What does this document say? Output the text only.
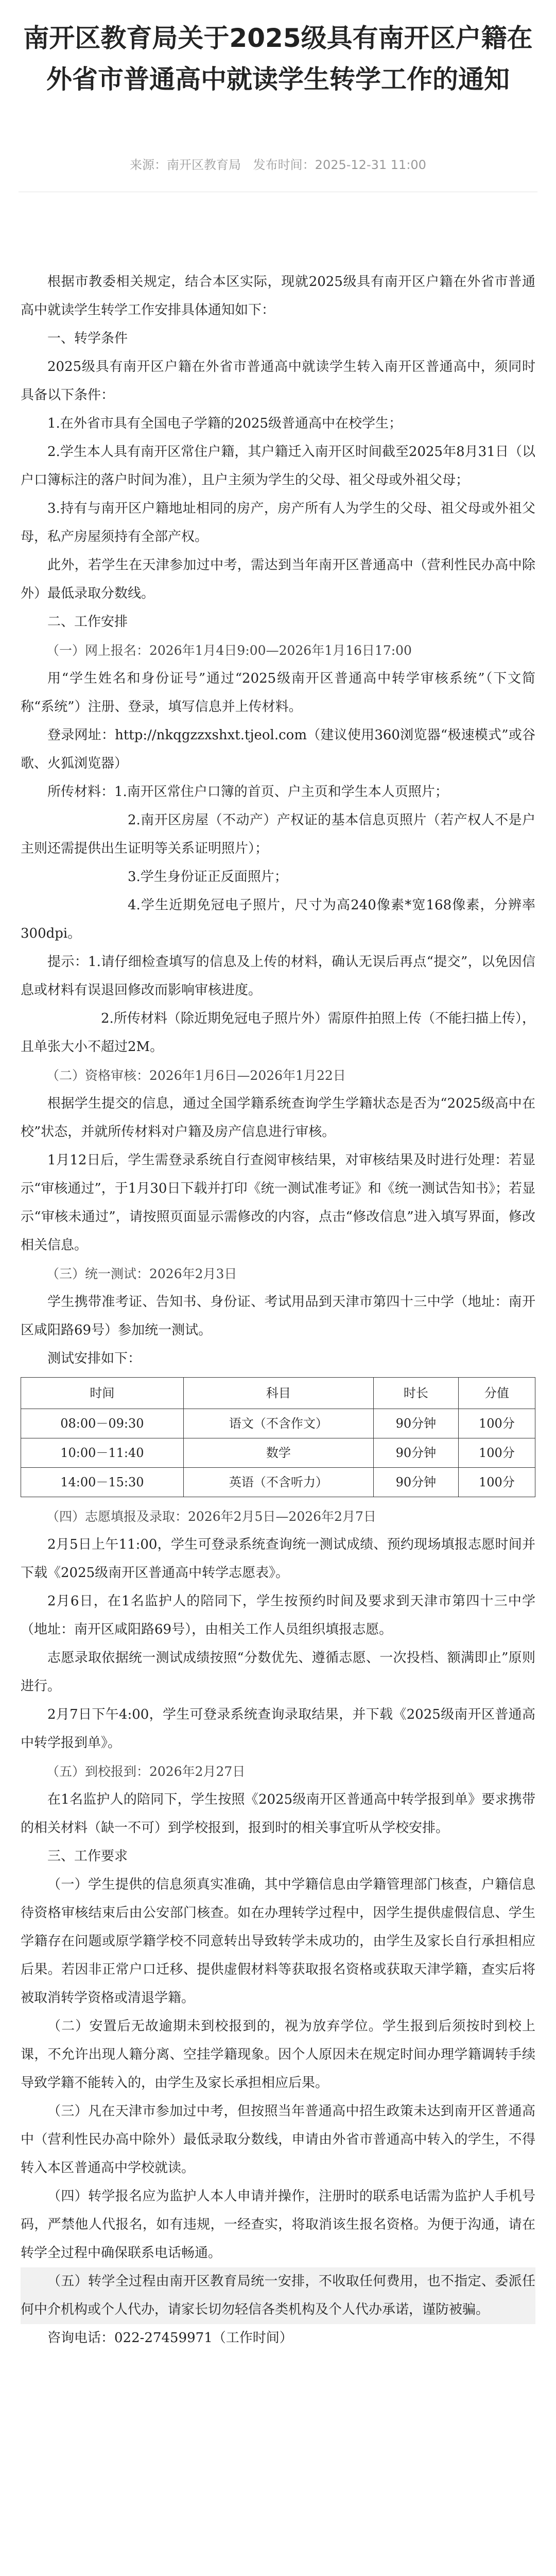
南开区教育局关于2025级具有南开区户籍在外省市普通高中就读学生转学工作的通知
来源：南开区教育局 发布时间：2025-12-31 11:00

根据市教委相关规定，结合本区实际，现就2025级具有南开区户籍在外省市普通高中就读学生转学工作安排具体通知如下：

一、转学条件

2025级具有南开区户籍在外省市普通高中就读学生转入南开区普通高中，须同时具备以下条件：

1.在外省市具有全国电子学籍的2025级普通高中在校学生；

2.学生本人具有南开区常住户籍，其户籍迁入南开区时间截至2025年8月31日（以户口簿标注的落户时间为准），且户主须为学生的父母、祖父母或外祖父母；

3.持有与南开区户籍地址相同的房产，房产所有人为学生的父母、祖父母或外祖父母，私产房屋须持有全部产权。

此外，若学生在天津参加过中考，需达到当年南开区普通高中（营利性民办高中除外）最低录取分数线。

二、工作安排

（一）网上报名：2026年1月4日9:00—2026年1月16日17:00

用“学生姓名和身份证号”通过“2025级南开区普通高中转学审核系统”（下文简称“系统”）注册、登录，填写信息并上传材料。

登录网址：http://nkqgzzxshxt.tjeol.com（建议使用360浏览器“极速模式”或谷歌、火狐浏览器）

所传材料：1.南开区常住户口簿的首页、户主页和学生本人页照片；

2.南开区房屋（不动产）产权证的基本信息页照片（若产权人不是户主则还需提供出生证明等关系证明照片）；

3.学生身份证正反面照片；

4.学生近期免冠电子照片，尺寸为高240像素*宽168像素，分辨率300dpi。

提示：1.请仔细检查填写的信息及上传的材料，确认无误后再点“提交”，以免因信息或材料有误退回修改而影响审核进度。

2.所传材料（除近期免冠电子照片外）需原件拍照上传（不能扫描上传），且单张大小不超过2M。

（二）资格审核：2026年1月6日—2026年1月22日

根据学生提交的信息，通过全国学籍系统查询学生学籍状态是否为“2025级高中在校”状态，并就所传材料对户籍及房产信息进行审核。

1月12日后，学生需登录系统自行查阅审核结果，对审核结果及时进行处理：若显示“审核通过”，于1月30日下载并打印《统一测试准考证》和《统一测试告知书》；若显示“审核未通过”，请按照页面显示需修改的内容，点击“修改信息”进入填写界面，修改相关信息。

（三）统一测试：2026年2月3日

学生携带准考证、告知书、身份证、考试用品到天津市第四十三中学（地址：南开区咸阳路69号）参加统一测试。

测试安排如下：

时间	科目	时长	分值
08:00－09:30	语文（不含作文）	90分钟	100分
10:00－11:40	数学	90分钟	100分
14:00－15:30	英语（不含听力）	90分钟	100分

（四）志愿填报及录取：2026年2月5日—2026年2月7日

2月5日上午11:00，学生可登录系统查询统一测试成绩、预约现场填报志愿时间并下载《2025级南开区普通高中转学志愿表》。

2月6日，在1名监护人的陪同下，学生按预约时间及要求到天津市第四十三中学（地址：南开区咸阳路69号），由相关工作人员组织填报志愿。

志愿录取依据统一测试成绩按照“分数优先、遵循志愿、一次投档、额满即止”原则进行。

2月7日下午4:00，学生可登录系统查询录取结果，并下载《2025级南开区普通高中转学报到单》。

（五）到校报到：2026年2月27日

在1名监护人的陪同下，学生按照《2025级南开区普通高中转学报到单》要求携带的相关材料（缺一不可）到学校报到，报到时的相关事宜听从学校安排。

三、工作要求

（一）学生提供的信息须真实准确，其中学籍信息由学籍管理部门核查，户籍信息待资格审核结束后由公安部门核查。如在办理转学过程中，因学生提供虚假信息、学生学籍存在问题或原学籍学校不同意转出导致转学未成功的，由学生及家长自行承担相应后果。若因非正常户口迁移、提供虚假材料等获取报名资格或获取天津学籍，查实后将被取消转学资格或清退学籍。

（二）安置后无故逾期未到校报到的，视为放弃学位。学生报到后须按时到校上课，不允许出现人籍分离、空挂学籍现象。因个人原因未在规定时间办理学籍调转手续导致学籍不能转入的，由学生及家长承担相应后果。

（三）凡在天津市参加过中考，但按照当年普通高中招生政策未达到南开区普通高中（营利性民办高中除外）最低录取分数线，申请由外省市普通高中转入的学生，不得转入本区普通高中学校就读。

（四）转学报名应为监护人本人申请并操作，注册时的联系电话需为监护人手机号码，严禁他人代报名，如有违规，一经查实，将取消该生报名资格。为便于沟通，请在转学全过程中确保联系电话畅通。

（五）转学全过程由南开区教育局统一安排，不收取任何费用，也不指定、委派任何中介机构或个人代办，请家长切勿轻信各类机构及个人代办承诺，谨防被骗。

咨询电话：022-27459971（工作时间）
